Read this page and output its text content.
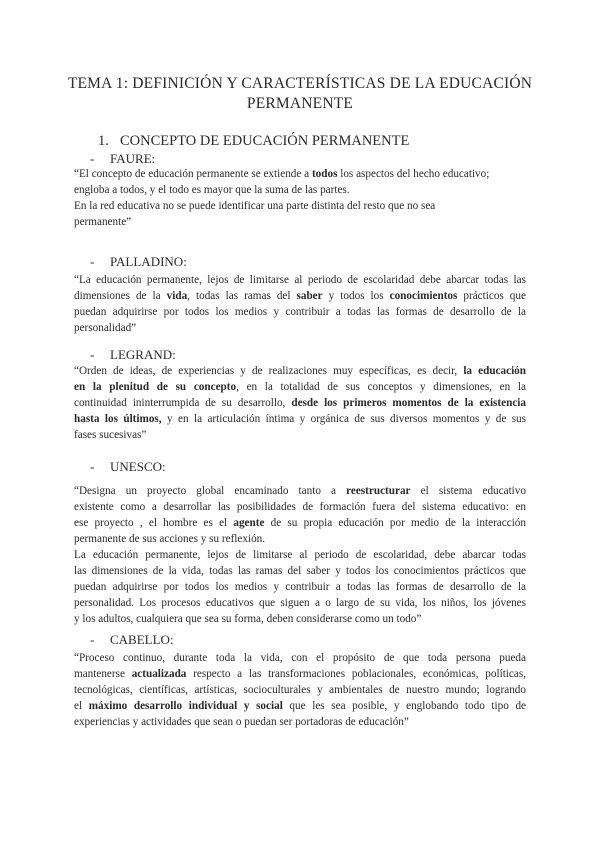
TEMA 1: DEFINICIÓN Y CARACTERÍSTICAS DE LA EDUCACIÓN
PERMANENTE
1. CONCEPTO DE EDUCACIÓN PERMANENTE
- FAURE:
“El concepto de educación permanente se extiende a todos los aspectos del hecho educativo;
engloba a todos, y el todo es mayor que la suma de las partes.
En la red educativa no se puede identificar una parte distinta del resto que no sea
permanente”
- PALLADINO:
“La educación permanente, lejos de limitarse al periodo de escolaridad debe abarcar todas las
dimensiones de la vida, todas las ramas del saber y todos los conocimientos prácticos que
puedan adquirirse por todos los medios y contribuir a todas las formas de desarrollo de la
personalidad”
- LEGRAND:
“Orden de ideas, de experiencias y de realizaciones muy específicas, es decir, la educación
en la plenitud de su concepto, en la totalidad de sus conceptos y dimensiones, en la
continuidad ininterrumpida de su desarrollo, desde los primeros momentos de la existencia
hasta los últimos, y en la articulación íntima y orgánica de sus diversos momentos y de sus
fases sucesivas”
- UNESCO:
“Designa un proyecto global encaminado tanto a reestructurar el sistema educativo
existente como a desarrollar las posibilidades de formación fuera del sistema educativo: en
ese proyecto , el hombre es el agente de su propia educación por medio de la interacción
permanente de sus acciones y su reflexión.
La educación permanente, lejos de limitarse al periodo de escolaridad, debe abarcar todas
las dimensiones de la vida, todas las ramas del saber y todos los conocimientos prácticos que
puedan adquirirse por todos los medios y contribuir a todas las formas de desarrollo de la
personalidad. Los procesos educativos que siguen a o largo de su vida, los niños, los jóvenes
y los adultos, cualquiera que sea su forma, deben considerarse como un todo”
- CABELLO:
“Proceso continuo, durante toda la vida, con el propósito de que toda persona pueda
mantenerse actualizada respecto a las transformaciones poblacionales, económicas, políticas,
tecnológicas, científicas, artísticas, socioculturales y ambientales de nuestro mundo; logrando
el máximo desarrollo individual y social que les sea posible, y englobando todo tipo de
experiencias y actividades que sean o puedan ser portadoras de educación”
